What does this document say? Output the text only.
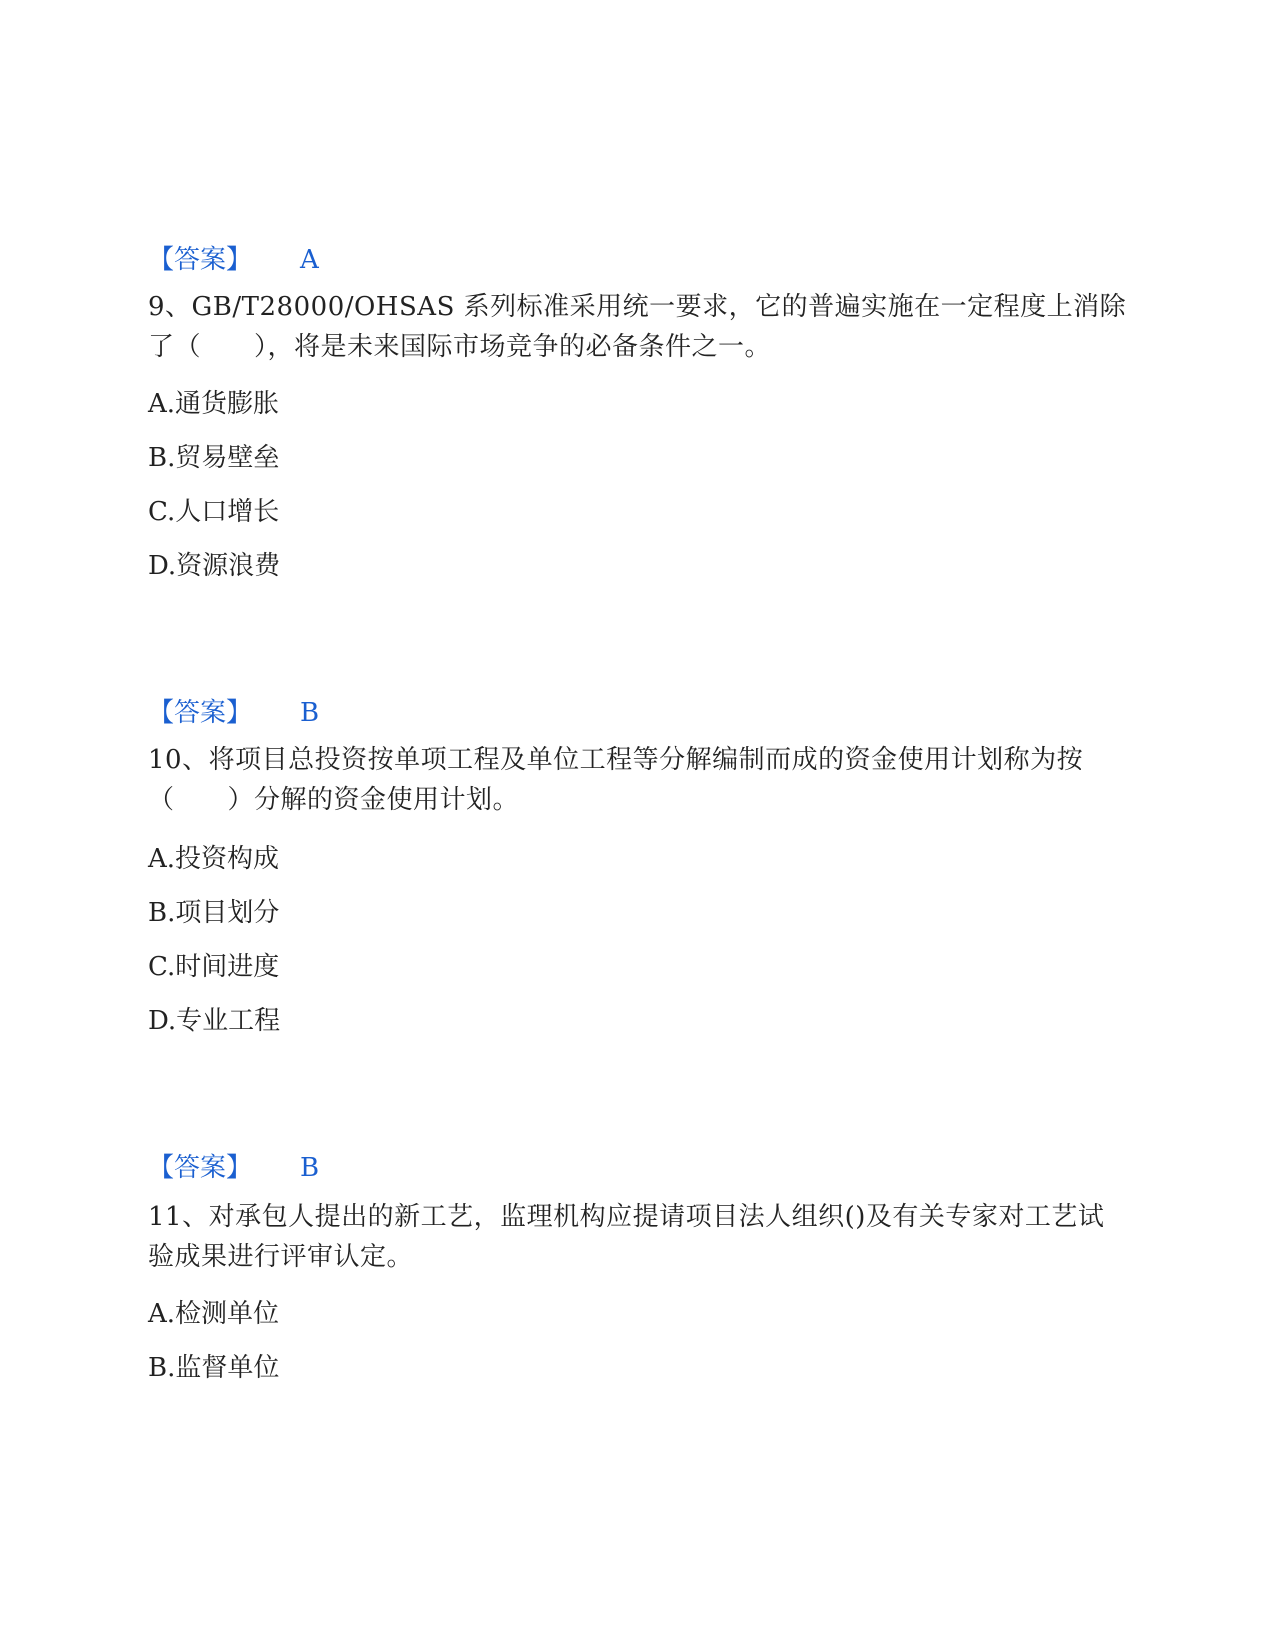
【答案】 A
9、GB/T28000/OHSAS 系列标准采用统一要求，它的普遍实施在一定程度上消除了（　　），将是未来国际市场竞争的必备条件之一。
A.通货膨胀
B.贸易壁垒
C.人口增长
D.资源浪费
【答案】 B
10、将项目总投资按单项工程及单位工程等分解编制而成的资金使用计划称为按（　　）分解的资金使用计划。
A.投资构成
B.项目划分
C.时间进度
D.专业工程
【答案】 B
11、对承包人提出的新工艺，监理机构应提请项目法人组织()及有关专家对工艺试验成果进行评审认定。
A.检测单位
B.监督单位
